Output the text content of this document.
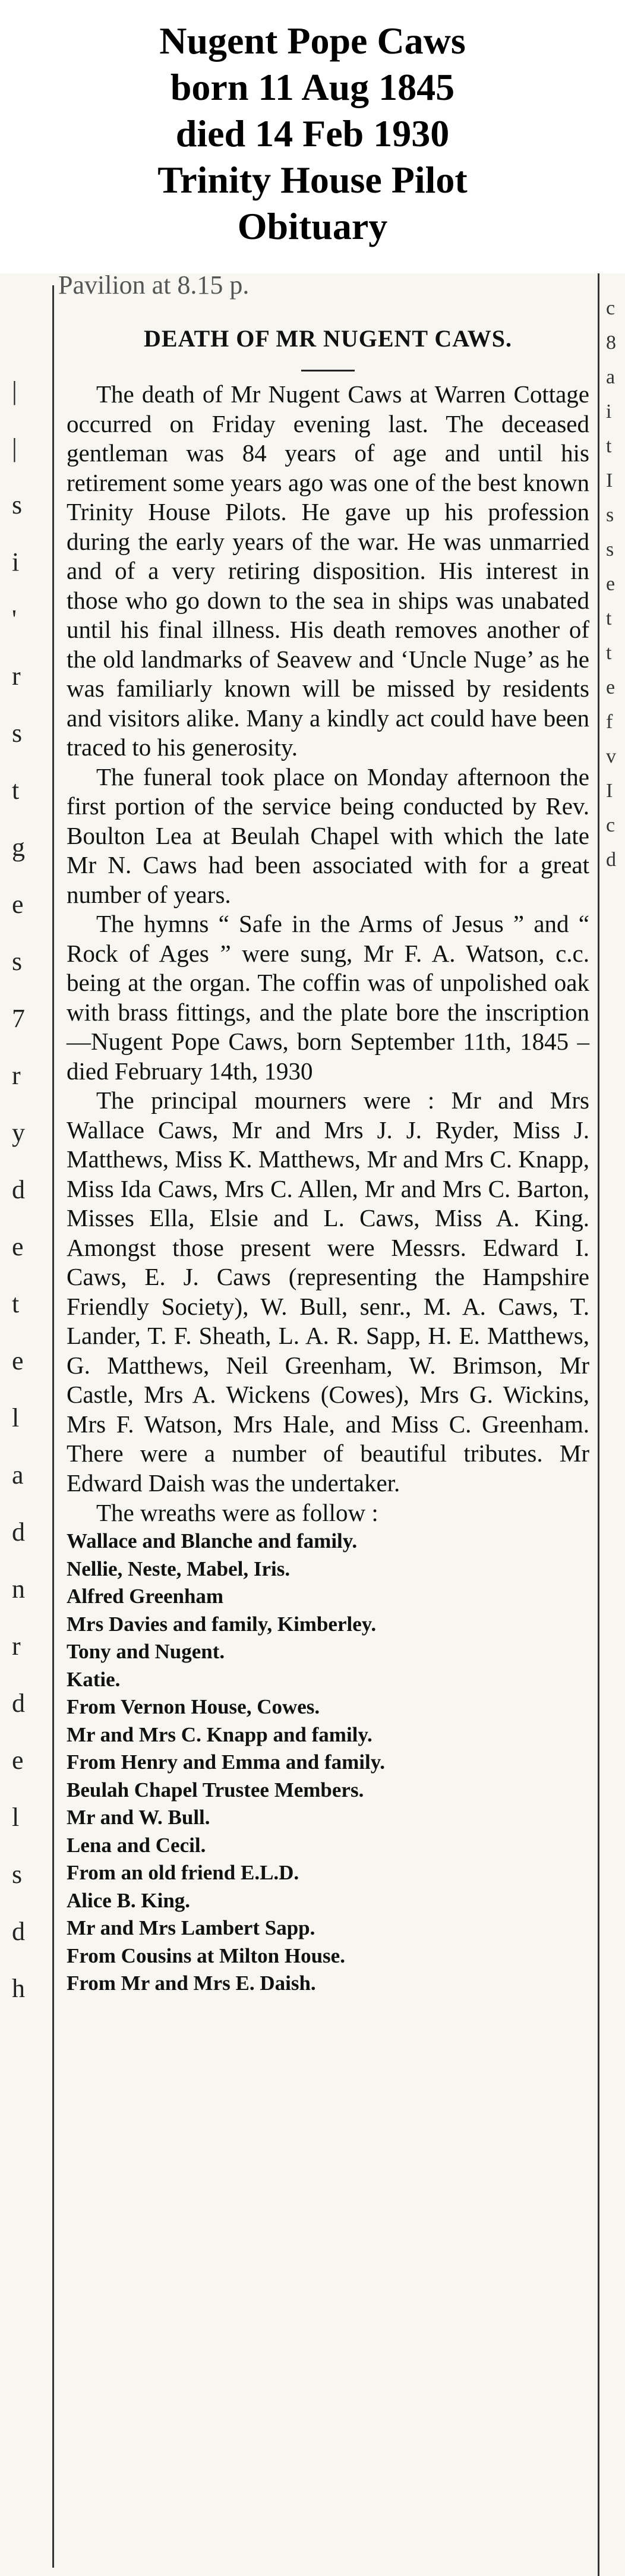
Nugent Pope Caws
born 11 Aug 1845
died 14 Feb 1930
Trinity House Pilot
Obituary
|
|
s
i
'
r
s
t
g
e
s
7
r
y
d
e
t
e
l
a
d
n
r
d
e
l
s
d
h
c
8
a
i
t
I
s
s
e
t
t
e
f
v
I
c
d
Pavilion at 8.15 p.
DEATH OF MR NUGENT CAWS.

The death of Mr Nugent Caws at Warren Cottage occurred on Friday evening last. The deceased gentleman was 84 years of age and until his retirement some years ago was one of the best known Trinity House Pilots. He gave up his profession during the early years of the war. He was unmarried and of a very retiring disposition. His interest in those who go down to the sea in ships was unabated until his final illness. His death removes another of the old landmarks of Seavew and ‘Uncle Nuge’ as he was familiarly known will be missed by residents and visitors alike. Many a kindly act could have been traced to his generosity.

The funeral took place on Monday afternoon the first portion of the service being conducted by Rev. Boulton Lea at Beulah Chapel with which the late Mr N. Caws had been associated with for a great number of years.

The hymns “ Safe in the Arms of Jesus ” and “ Rock of Ages ” were sung, Mr F. A. Watson, c.c. being at the organ. The coffin was of unpolished oak with brass fittings, and the plate bore the inscription—Nugent Pope Caws, born September 11th, 1845 –died February 14th, 1930

The principal mourners were : Mr and Mrs Wallace Caws, Mr and Mrs J. J. Ryder, Miss J. Matthews, Miss K. Matthews, Mr and Mrs C. Knapp, Miss Ida Caws, Mrs C. Allen, Mr and Mrs C. Barton, Misses Ella, Elsie and L. Caws, Miss A. King. Amongst those present were Messrs. Edward I. Caws, E. J. Caws (representing the Hampshire Friendly Society), W. Bull, senr., M. A. Caws, T. Lander, T. F. Sheath, L. A. R. Sapp, H. E. Matthews, G. Matthews, Neil Greenham, W. Brimson, Mr Castle, Mrs A. Wickens (Cowes), Mrs G. Wickins, Mrs F. Watson, Mrs Hale, and Miss C. Greenham. There were a number of beautiful tributes. Mr Edward Daish was the undertaker.

The wreaths were as follow :

Wallace and Blanche and family.
Nellie, Neste, Mabel, Iris.
Alfred Greenham
Mrs Davies and family, Kimberley.
Tony and Nugent.
Katie.
From Vernon House, Cowes.
Mr and Mrs C. Knapp and family.
From Henry and Emma and family.
Beulah Chapel Trustee Members.
Mr and W. Bull.
Lena and Cecil.
From an old friend E.L.D.
Alice B. King.
Mr and Mrs Lambert Sapp.
From Cousins at Milton House.
From Mr and Mrs E. Daish.
